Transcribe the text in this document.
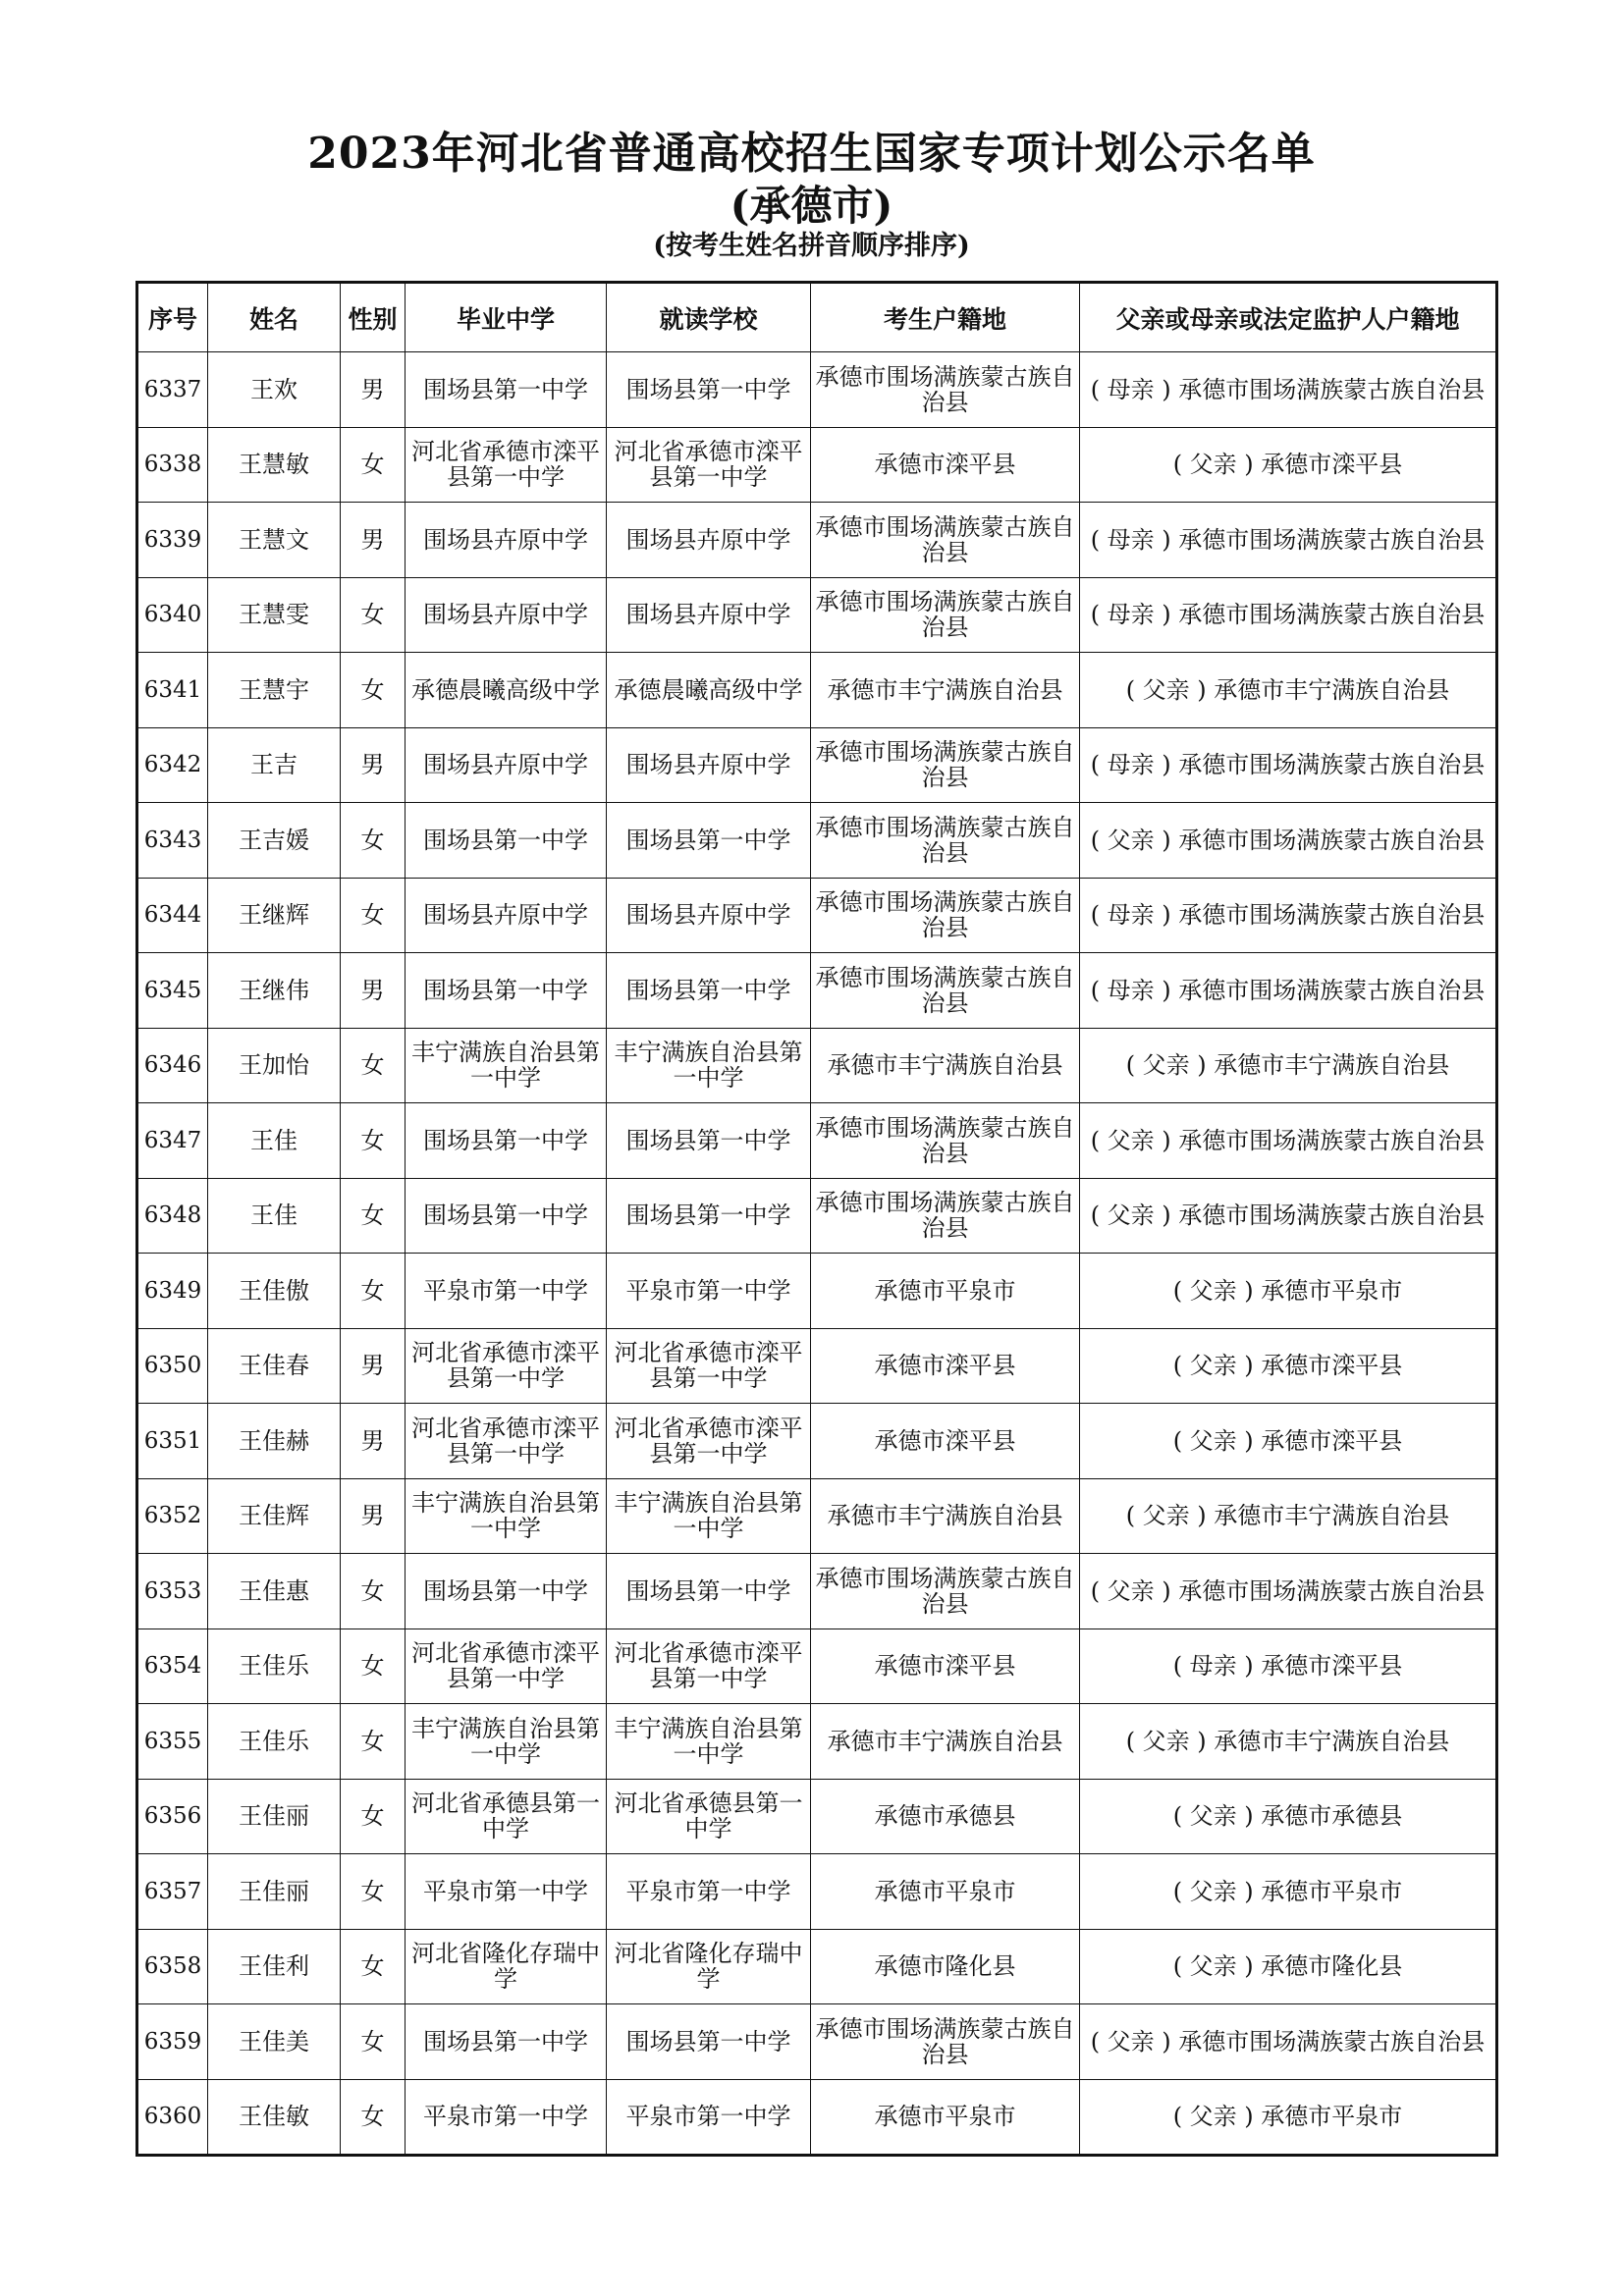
2023年河北省普通高校招生国家专项计划公示名单
(承德市)
(按考生姓名拼音顺序排序)
序号	姓名	性别	毕业中学	就读学校	考生户籍地	父亲或母亲或法定监护人户籍地
6337	王欢	男	围场县第一中学	围场县第一中学	承德市围场满族蒙古族自治县	( 母亲 ) 承德市围场满族蒙古族自治县
6338	王慧敏	女	河北省承德市滦平县第一中学	河北省承德市滦平县第一中学	承德市滦平县	( 父亲 ) 承德市滦平县
6339	王慧文	男	围场县卉原中学	围场县卉原中学	承德市围场满族蒙古族自治县	( 母亲 ) 承德市围场满族蒙古族自治县
6340	王慧雯	女	围场县卉原中学	围场县卉原中学	承德市围场满族蒙古族自治县	( 母亲 ) 承德市围场满族蒙古族自治县
6341	王慧宇	女	承德晨曦高级中学	承德晨曦高级中学	承德市丰宁满族自治县	( 父亲 ) 承德市丰宁满族自治县
6342	王吉	男	围场县卉原中学	围场县卉原中学	承德市围场满族蒙古族自治县	( 母亲 ) 承德市围场满族蒙古族自治县
6343	王吉媛	女	围场县第一中学	围场县第一中学	承德市围场满族蒙古族自治县	( 父亲 ) 承德市围场满族蒙古族自治县
6344	王继辉	女	围场县卉原中学	围场县卉原中学	承德市围场满族蒙古族自治县	( 母亲 ) 承德市围场满族蒙古族自治县
6345	王继伟	男	围场县第一中学	围场县第一中学	承德市围场满族蒙古族自治县	( 母亲 ) 承德市围场满族蒙古族自治县
6346	王加怡	女	丰宁满族自治县第一中学	丰宁满族自治县第一中学	承德市丰宁满族自治县	( 父亲 ) 承德市丰宁满族自治县
6347	王佳	女	围场县第一中学	围场县第一中学	承德市围场满族蒙古族自治县	( 父亲 ) 承德市围场满族蒙古族自治县
6348	王佳	女	围场县第一中学	围场县第一中学	承德市围场满族蒙古族自治县	( 父亲 ) 承德市围场满族蒙古族自治县
6349	王佳傲	女	平泉市第一中学	平泉市第一中学	承德市平泉市	( 父亲 ) 承德市平泉市
6350	王佳春	男	河北省承德市滦平县第一中学	河北省承德市滦平县第一中学	承德市滦平县	( 父亲 ) 承德市滦平县
6351	王佳赫	男	河北省承德市滦平县第一中学	河北省承德市滦平县第一中学	承德市滦平县	( 父亲 ) 承德市滦平县
6352	王佳辉	男	丰宁满族自治县第一中学	丰宁满族自治县第一中学	承德市丰宁满族自治县	( 父亲 ) 承德市丰宁满族自治县
6353	王佳惠	女	围场县第一中学	围场县第一中学	承德市围场满族蒙古族自治县	( 父亲 ) 承德市围场满族蒙古族自治县
6354	王佳乐	女	河北省承德市滦平县第一中学	河北省承德市滦平县第一中学	承德市滦平县	( 母亲 ) 承德市滦平县
6355	王佳乐	女	丰宁满族自治县第一中学	丰宁满族自治县第一中学	承德市丰宁满族自治县	( 父亲 ) 承德市丰宁满族自治县
6356	王佳丽	女	河北省承德县第一中学	河北省承德县第一中学	承德市承德县	( 父亲 ) 承德市承德县
6357	王佳丽	女	平泉市第一中学	平泉市第一中学	承德市平泉市	( 父亲 ) 承德市平泉市
6358	王佳利	女	河北省隆化存瑞中学	河北省隆化存瑞中学	承德市隆化县	( 父亲 ) 承德市隆化县
6359	王佳美	女	围场县第一中学	围场县第一中学	承德市围场满族蒙古族自治县	( 父亲 ) 承德市围场满族蒙古族自治县
6360	王佳敏	女	平泉市第一中学	平泉市第一中学	承德市平泉市	( 父亲 ) 承德市平泉市
